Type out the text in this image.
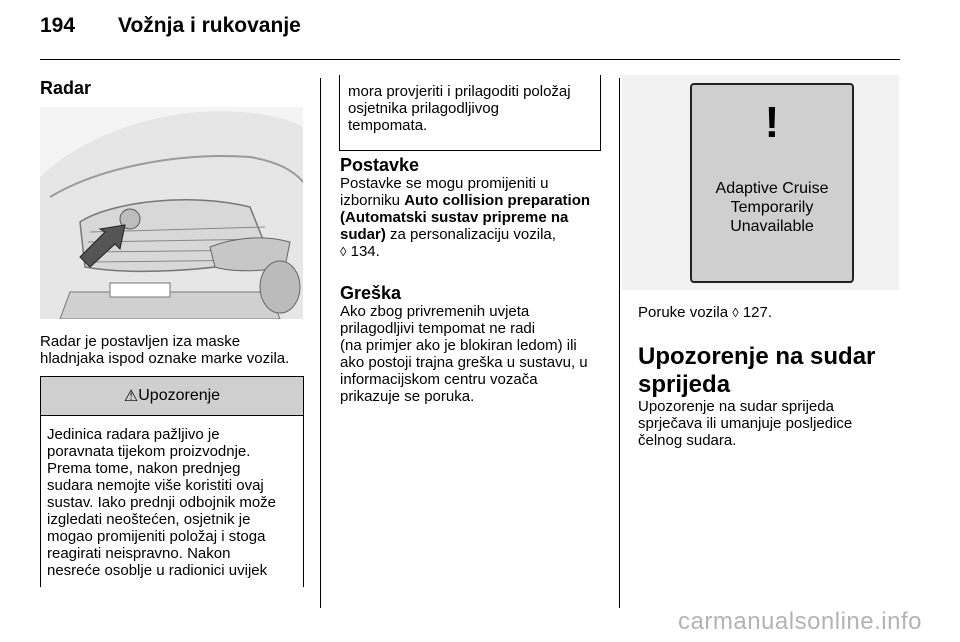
194 Vožnja i rukovanje
Radar
Radar je postavljen iza maske
hladnjaka ispod oznake marke vozila.
⚠ Upozorenje
Jedinica radara pažljivo je
poravnata tijekom proizvodnje.
Prema tome, nakon prednjeg
sudara nemojte više koristiti ovaj
sustav. Iako prednji odbojnik može
izgledati neoštećen, osjetnik je
mogao promijeniti položaj i stoga
reagirati neispravno. Nakon
nesreće osoblje u radionici uvijek
mora provjeriti i prilagoditi položaj
osjetnika prilagodljivog
tempomata.
Postavke
Postavke se mogu promijeniti u
izborniku Auto collision preparation
(Automatski sustav pripreme na
sudar) za personalizaciju vozila,
◊ 134.
Greška
Ako zbog privremenih uvjeta
prilagodljivi tempomat ne radi
(na primjer ako je blokiran ledom) ili
ako postoji trajna greška u sustavu, u
informacijskom centru vozača
prikazuje se poruka.
!
Adaptive Cruise
Temporarily
Unavailable
Poruke vozila ◊ 127.
Upozorenje na sudar
sprijeda
Upozorenje na sudar sprijeda
sprječava ili umanjuje posljedice
čelnog sudara.
carmanualsonline.info
